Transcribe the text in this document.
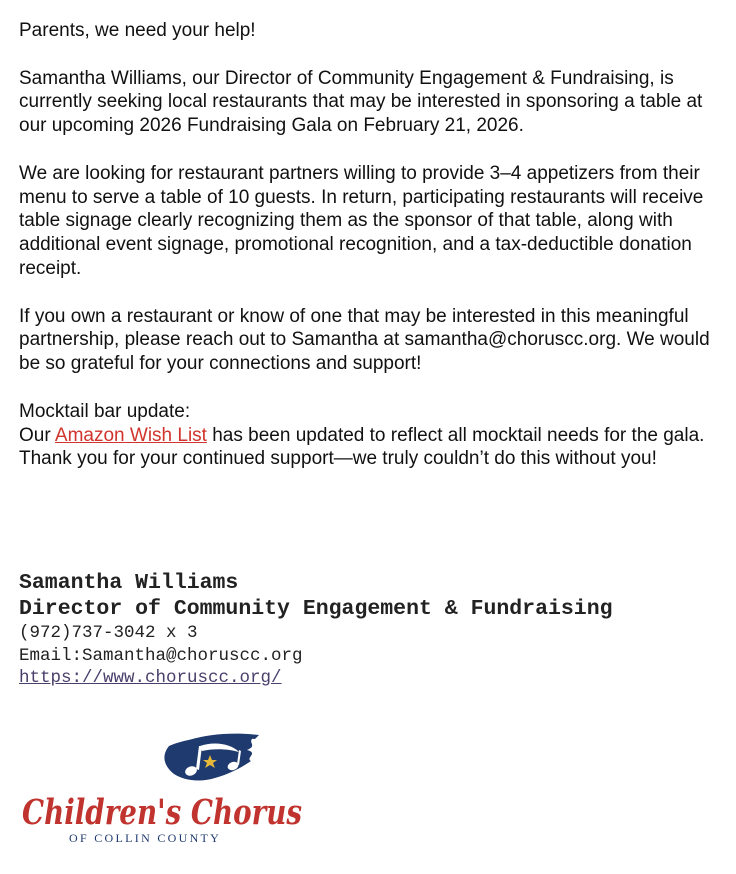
Parents, we need your help!

Samantha Williams, our Director of Community Engagement & Fundraising, is currently seeking local restaurants that may be interested in sponsoring a table at our upcoming 2026 Fundraising Gala on February 21, 2026.

We are looking for restaurant partners willing to provide 3–4 appetizers from their menu to serve a table of 10 guests. In return, participating restaurants will receive table signage clearly recognizing them as the sponsor of that table, along with additional event signage, promotional recognition, and a tax-deductible donation receipt.

If you own a restaurant or know of one that may be interested in this meaningful partnership, please reach out to Samantha at samantha@choruscc.org. We would be so grateful for your connections and support!

Mocktail bar update:

Our Amazon Wish List has been updated to reflect all mocktail needs for the gala. Thank you for your continued support—we truly couldn’t do this without you!

Samantha Williams
Director of Community Engagement & Fundraising
(972)737-3042 x 3
Email:Samantha@choruscc.org
https://www.choruscc.org/
Children's Chorus
OF COLLIN COUNTY
